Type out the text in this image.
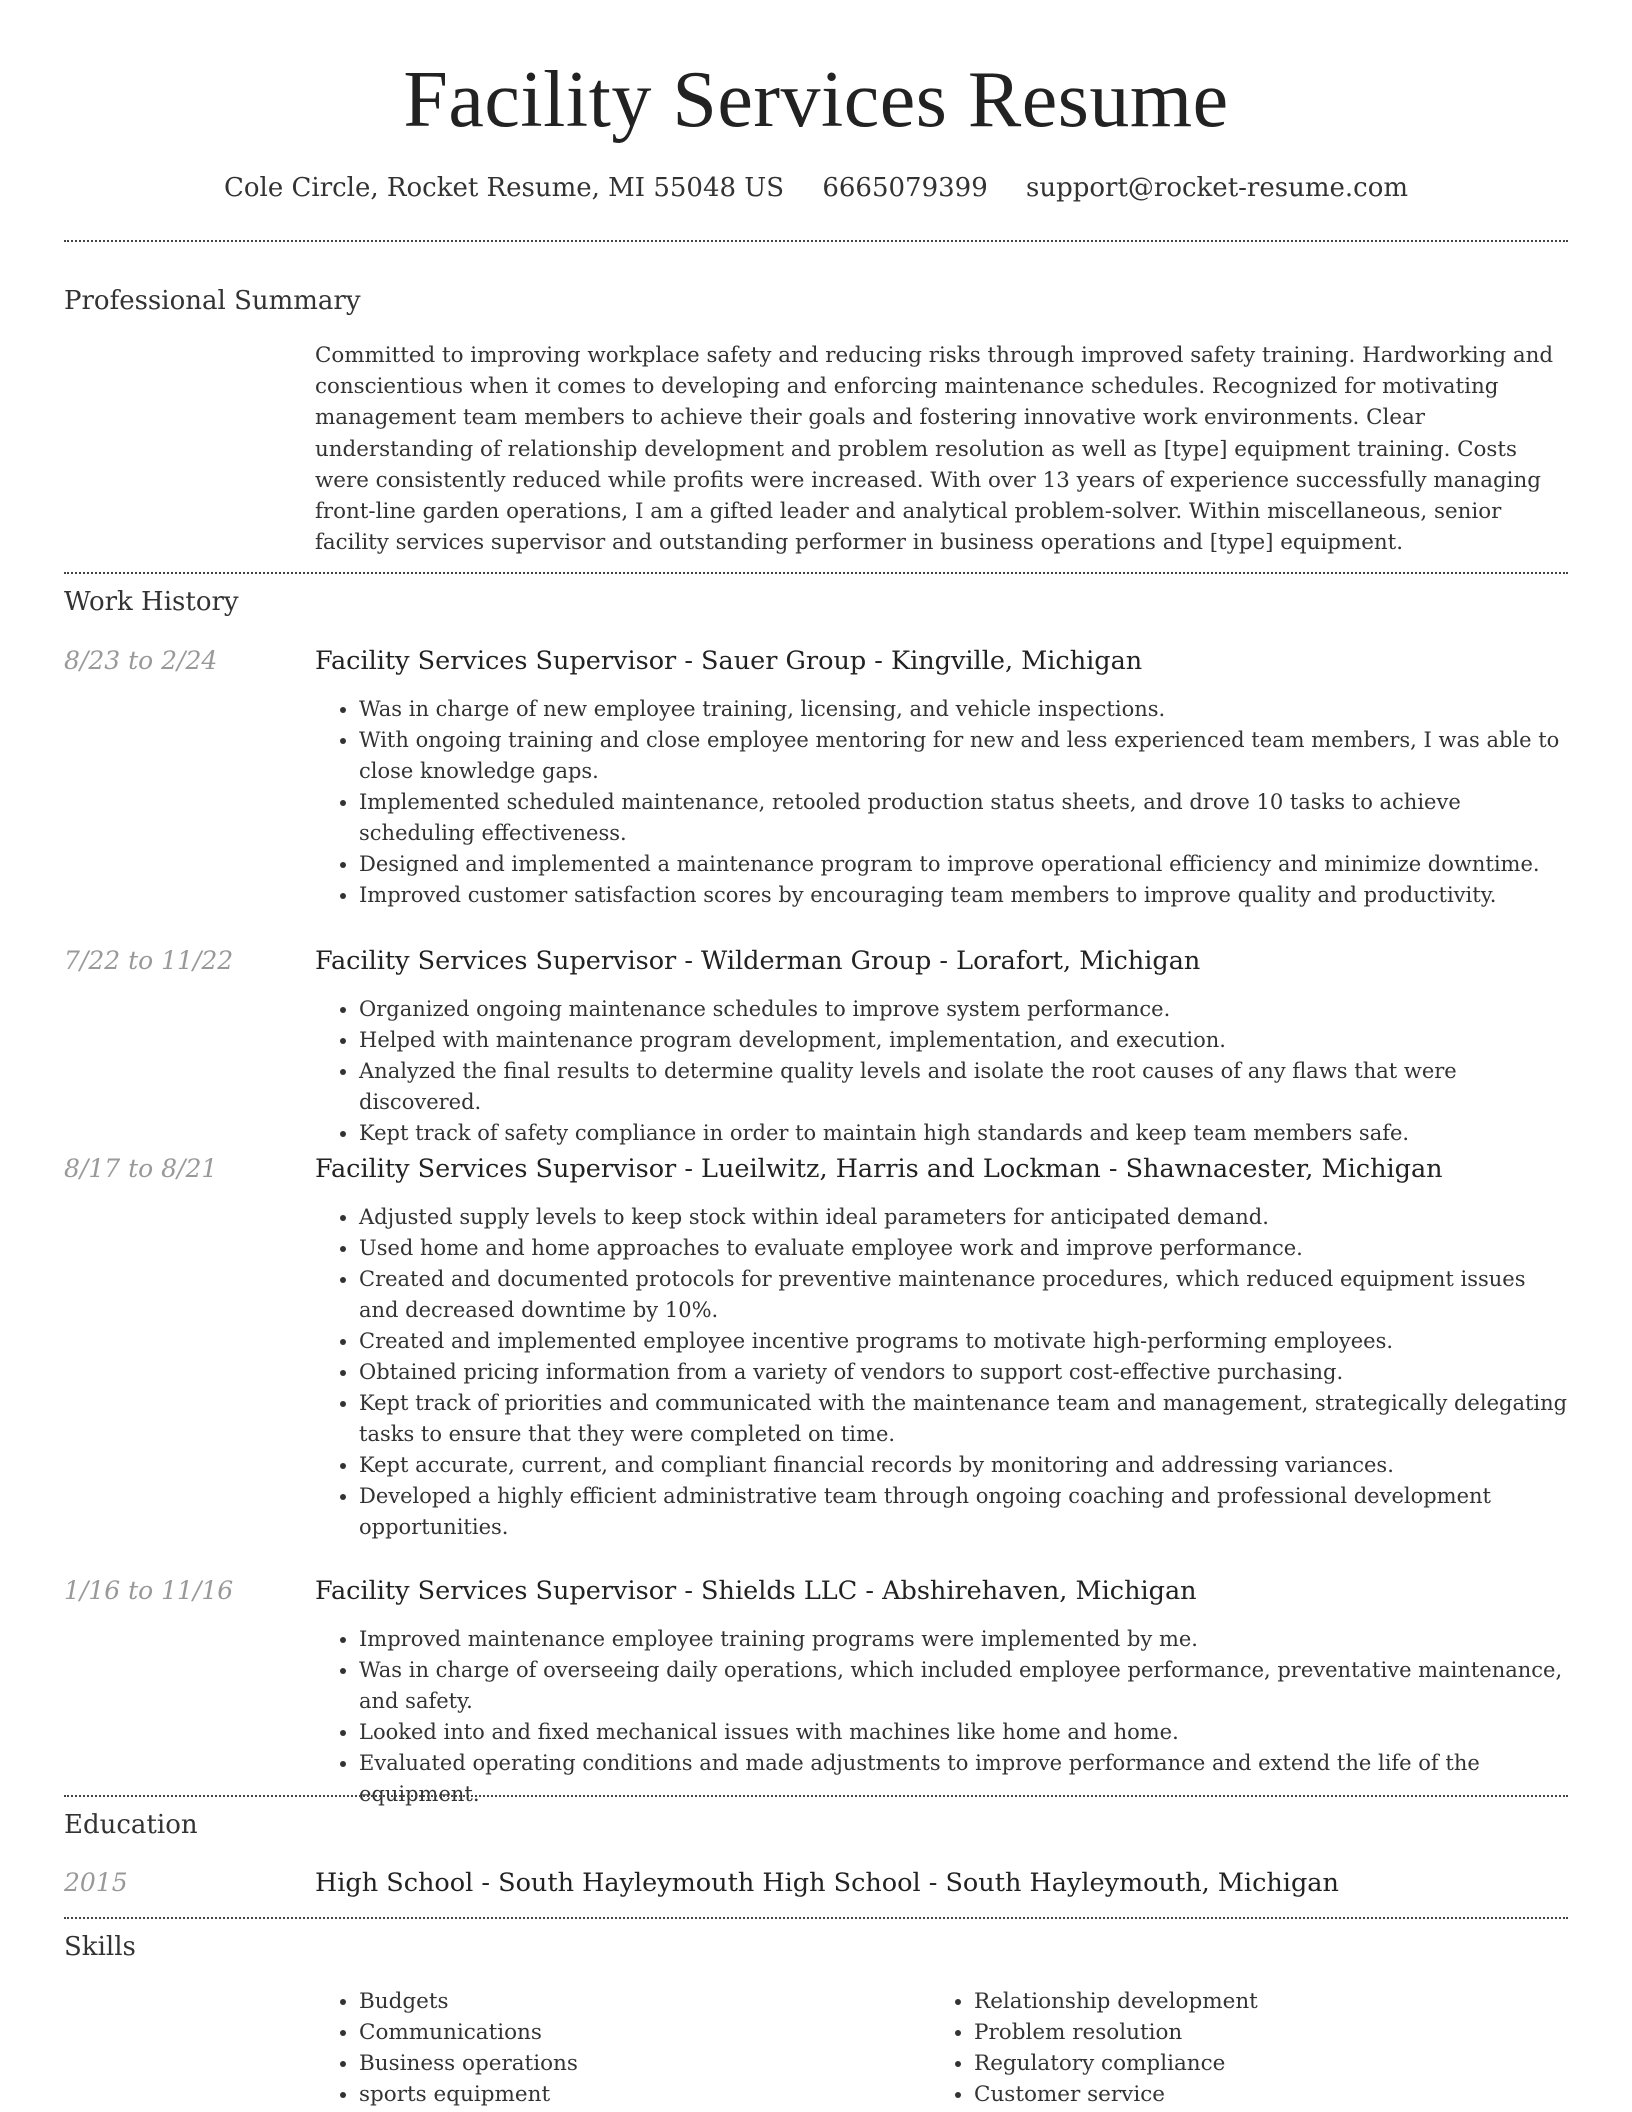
Facility Services Resume
Cole Circle, Rocket Resume, MI 55048 US 6665079399 support@rocket-resume.com
Professional Summary
Committed to improving workplace safety and reducing risks through improved safety training. Hardworking and conscientious when it comes to developing and enforcing maintenance schedules. Recognized for motivating management team members to achieve their goals and fostering innovative work environments. Clear understanding of relationship development and problem resolution as well as [type] equipment training. Costs were consistently reduced while profits were increased. With over 13 years of experience successfully managing front-line garden operations, I am a gifted leader and analytical problem-solver. Within miscellaneous, senior facility services supervisor and outstanding performer in business operations and [type] equipment.
Work History
8/23 to 2/24	Facility Services Supervisor - Sauer Group - Kingville, Michigan
• Was in charge of new employee training, licensing, and vehicle inspections.
• With ongoing training and close employee mentoring for new and less experienced team members, I was able to close knowledge gaps.
• Implemented scheduled maintenance, retooled production status sheets, and drove 10 tasks to achieve scheduling effectiveness.
• Designed and implemented a maintenance program to improve operational efficiency and minimize downtime.
• Improved customer satisfaction scores by encouraging team members to improve quality and productivity.
7/22 to 11/22	Facility Services Supervisor - Wilderman Group - Lorafort, Michigan
• Organized ongoing maintenance schedules to improve system performance.
• Helped with maintenance program development, implementation, and execution.
• Analyzed the final results to determine quality levels and isolate the root causes of any flaws that were discovered.
• Kept track of safety compliance in order to maintain high standards and keep team members safe.
8/17 to 8/21	Facility Services Supervisor - Lueilwitz, Harris and Lockman - Shawnacester, Michigan
• Adjusted supply levels to keep stock within ideal parameters for anticipated demand.
• Used home and home approaches to evaluate employee work and improve performance.
• Created and documented protocols for preventive maintenance procedures, which reduced equipment issues and decreased downtime by 10%.
• Created and implemented employee incentive programs to motivate high-performing employees.
• Obtained pricing information from a variety of vendors to support cost-effective purchasing.
• Kept track of priorities and communicated with the maintenance team and management, strategically delegating tasks to ensure that they were completed on time.
• Kept accurate, current, and compliant financial records by monitoring and addressing variances.
• Developed a highly efficient administrative team through ongoing coaching and professional development opportunities.
1/16 to 11/16	Facility Services Supervisor - Shields LLC - Abshirehaven, Michigan
• Improved maintenance employee training programs were implemented by me.
• Was in charge of overseeing daily operations, which included employee performance, preventative maintenance, and safety.
• Looked into and fixed mechanical issues with machines like home and home.
• Evaluated operating conditions and made adjustments to improve performance and extend the life of the equipment.
Education
2015	High School - South Hayleymouth High School - South Hayleymouth, Michigan
Skills
• Budgets
• Communications
• Business operations
• sports equipment
• Relationship development
• Problem resolution
• Regulatory compliance
• Customer service
